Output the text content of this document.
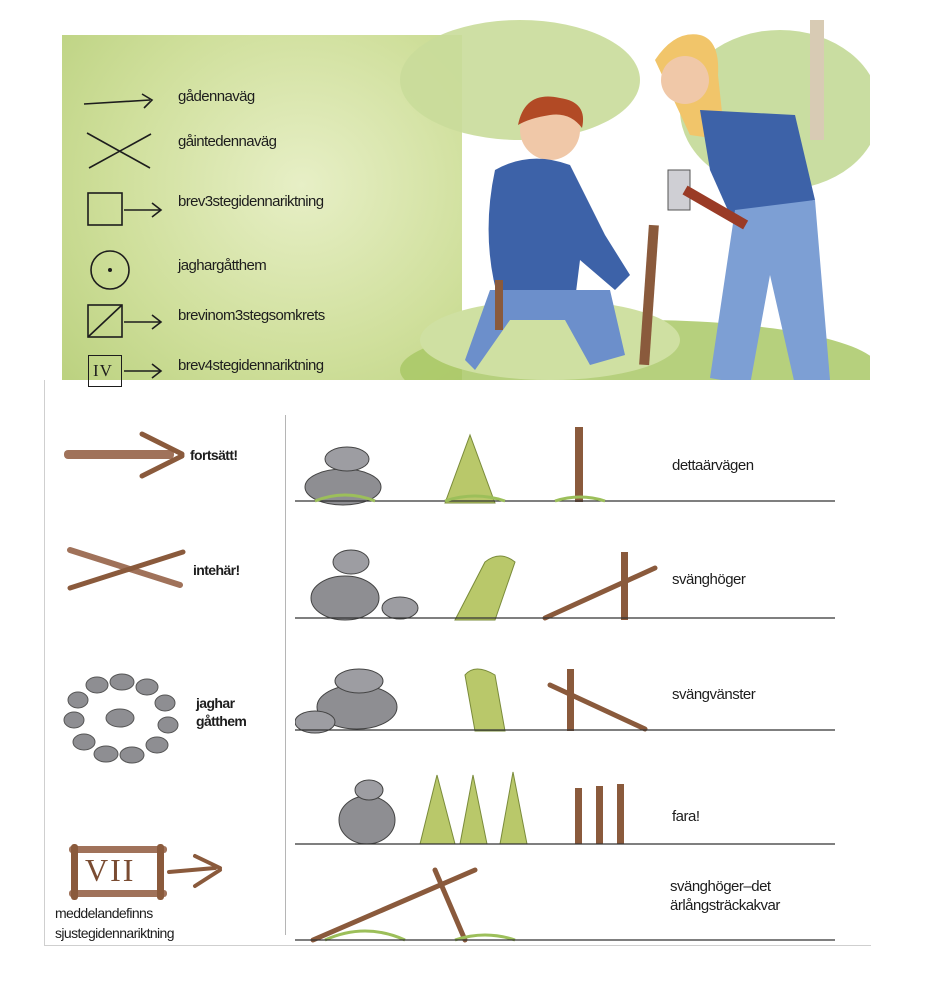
gådennaväg
gåintedennaväg
brev3stegidennariktning
jaghargåtthem
brevinom3stegsomkrets
IV	brev4stegidennariktning
fortsätt!
intehär!
jaghar
gåtthem
VII
meddelandefinns
sjustegidennariktning
dettaärvägen
svänghöger
svängvänster
fara!
svänghöger–det
ärlångsträckakvar
